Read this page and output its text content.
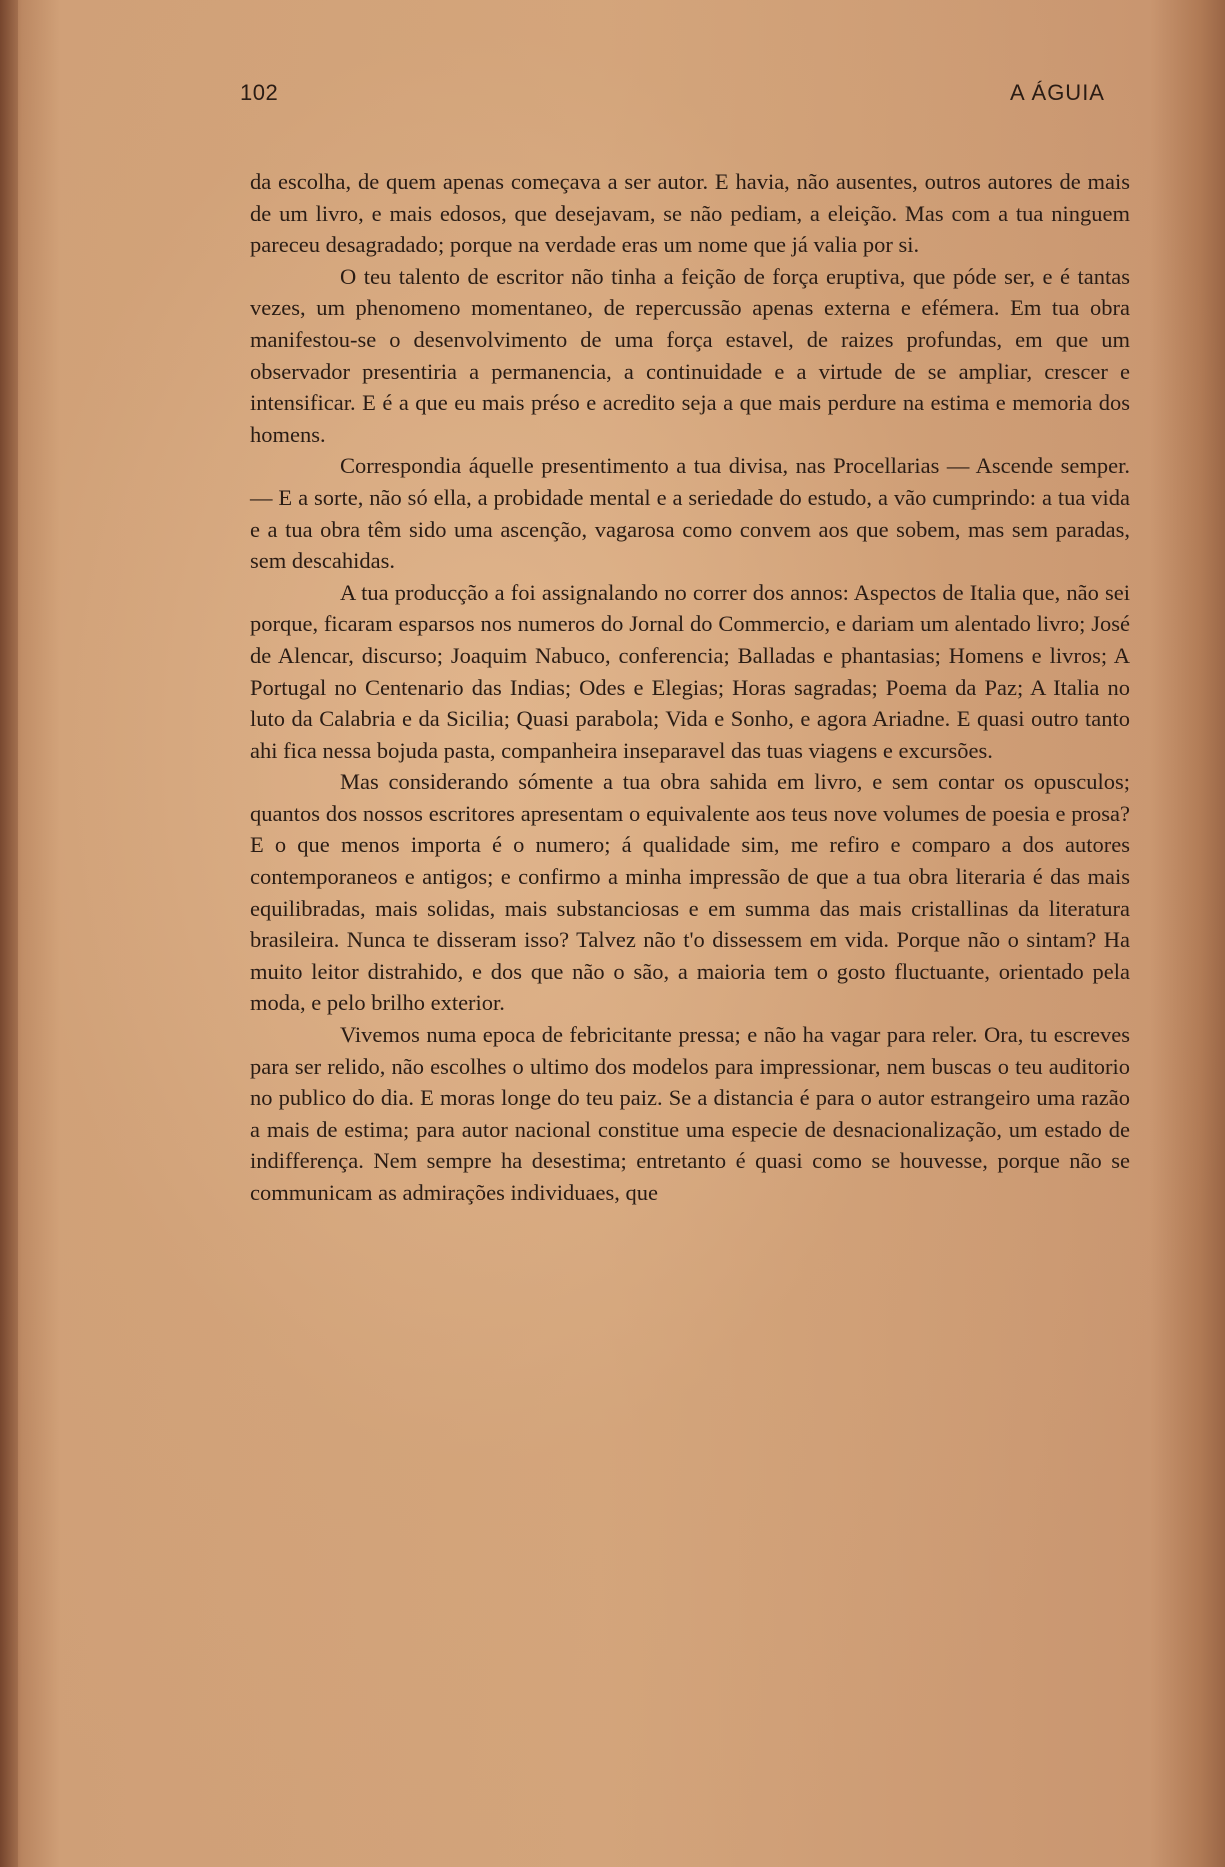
102	A ÁGUIA

da escolha, de quem apenas começava a ser autor. E havia, não ausentes, outros autores de mais de um livro, e mais edosos, que desejavam, se não pediam, a eleição. Mas com a tua ninguem pareceu desagradado; porque na verdade eras um nome que já valia por si.

O teu talento de escritor não tinha a feição de força eruptiva, que póde ser, e é tantas vezes, um phenomeno momentaneo, de repercussão apenas externa e efémera. Em tua obra manifestou-se o desenvolvimento de uma força estavel, de raizes profundas, em que um observador presentiria a permanencia, a continuidade e a virtude de se ampliar, crescer e intensificar. E é a que eu mais préso e acredito seja a que mais perdure na estima e memoria dos homens.

Correspondia áquelle presentimento a tua divisa, nas Procellarias — Ascende semper. — E a sorte, não só ella, a probidade mental e a seriedade do estudo, a vão cumprindo: a tua vida e a tua obra têm sido uma ascenção, vagarosa como convem aos que sobem, mas sem paradas, sem descahidas.

A tua producção a foi assignalando no correr dos annos: Aspectos de Italia que, não sei porque, ficaram esparsos nos numeros do Jornal do Commercio, e dariam um alentado livro; José de Alencar, discurso; Joaquim Nabuco, conferencia; Balladas e phantasias; Homens e livros; A Portugal no Centenario das Indias; Odes e Elegias; Horas sagradas; Poema da Paz; A Italia no luto da Calabria e da Sicilia; Quasi parabola; Vida e Sonho, e agora Ariadne. E quasi outro tanto ahi fica nessa bojuda pasta, companheira inseparavel das tuas viagens e excursões.

Mas considerando sómente a tua obra sahida em livro, e sem contar os opusculos; quantos dos nossos escritores apresentam o equivalente aos teus nove volumes de poesia e prosa? E o que menos importa é o numero; á qualidade sim, me refiro e comparo a dos autores contemporaneos e antigos; e confirmo a minha impressão de que a tua obra literaria é das mais equilibradas, mais solidas, mais substanciosas e em summa das mais cristallinas da literatura brasileira. Nunca te disseram isso? Talvez não t'o dissessem em vida. Porque não o sintam? Ha muito leitor distrahido, e dos que não o são, a maioria tem o gosto fluctuante, orientado pela moda, e pelo brilho exterior.

Vivemos numa epoca de febricitante pressa; e não ha vagar para reler. Ora, tu escreves para ser relido, não escolhes o ultimo dos modelos para impressionar, nem buscas o teu auditorio no publico do dia. E moras longe do teu paiz. Se a distancia é para o autor estrangeiro uma razão a mais de estima; para autor nacional constitue uma especie de desnacionalização, um estado de indifferença. Nem sempre ha desestima; entretanto é quasi como se houvesse, porque não se communicam as admirações individuaes, que
